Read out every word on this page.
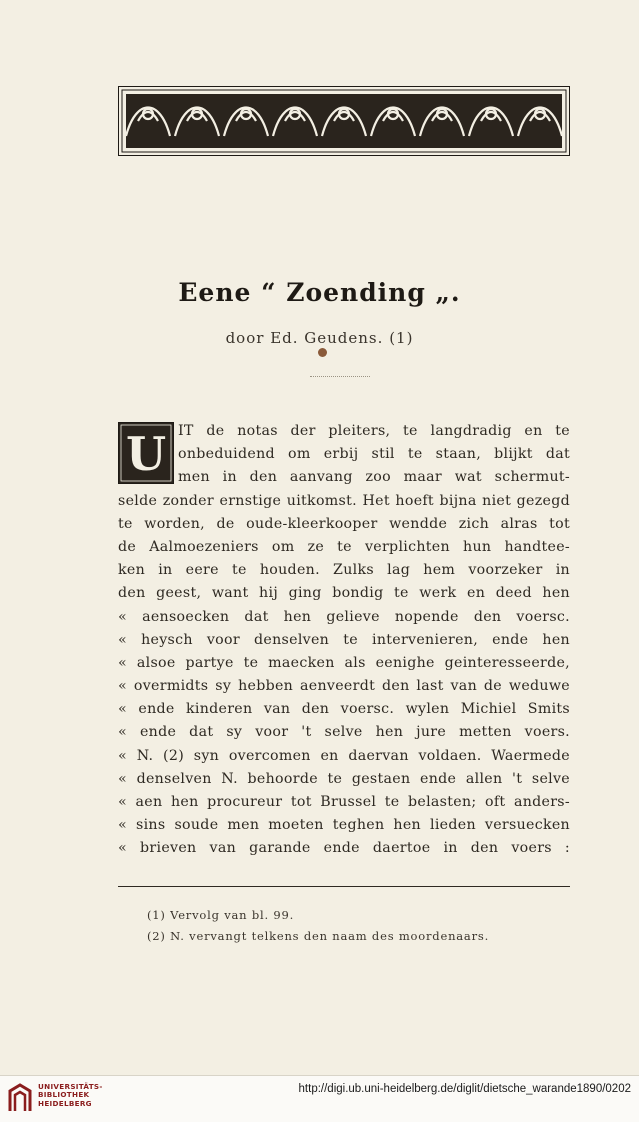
Eene “ Zoending „.
door Ed. Geudens. (1)
U IT de notas der pleiters, te langdradig en te
onbeduidend om erbij stil te staan, blijkt dat
men in den aanvang zoo maar wat schermut-
selde zonder ernstige uitkomst. Het hoeft bijna niet gezegd
te worden, de oude-kleerkooper wendde zich alras tot
de Aalmoezeniers om ze te verplichten hun handtee-
ken in eere te houden. Zulks lag hem voorzeker in
den geest, want hij ging bondig te werk en deed hen
« aensoecken dat hen gelieve nopende den voersc.
« heysch voor denselven te intervenieren, ende hen
« alsoe partye te maecken als eenighe geinteresseerde,
« overmidts sy hebben aenveerdt den last van de weduwe
« ende kinderen van den voersc. wylen Michiel Smits
« ende dat sy voor 't selve hen jure metten voers.
« N. (2) syn overcomen en daervan voldaen. Waermede
« denselven N. behoorde te gestaen ende allen 't selve
« aen hen procureur tot Brussel te belasten; oft anders-
« sins soude men moeten teghen hen lieden versuecken
« brieven van garande ende daertoe in den voers :
(1) Vervolg van bl. 99.
(2) N. vervangt telkens den naam des moordenaars.
UNIVERSITÄTS-
BIBLIOTHEK
HEIDELBERG
http://digi.ub.uni-heidelberg.de/diglit/dietsche_warande1890/0202
